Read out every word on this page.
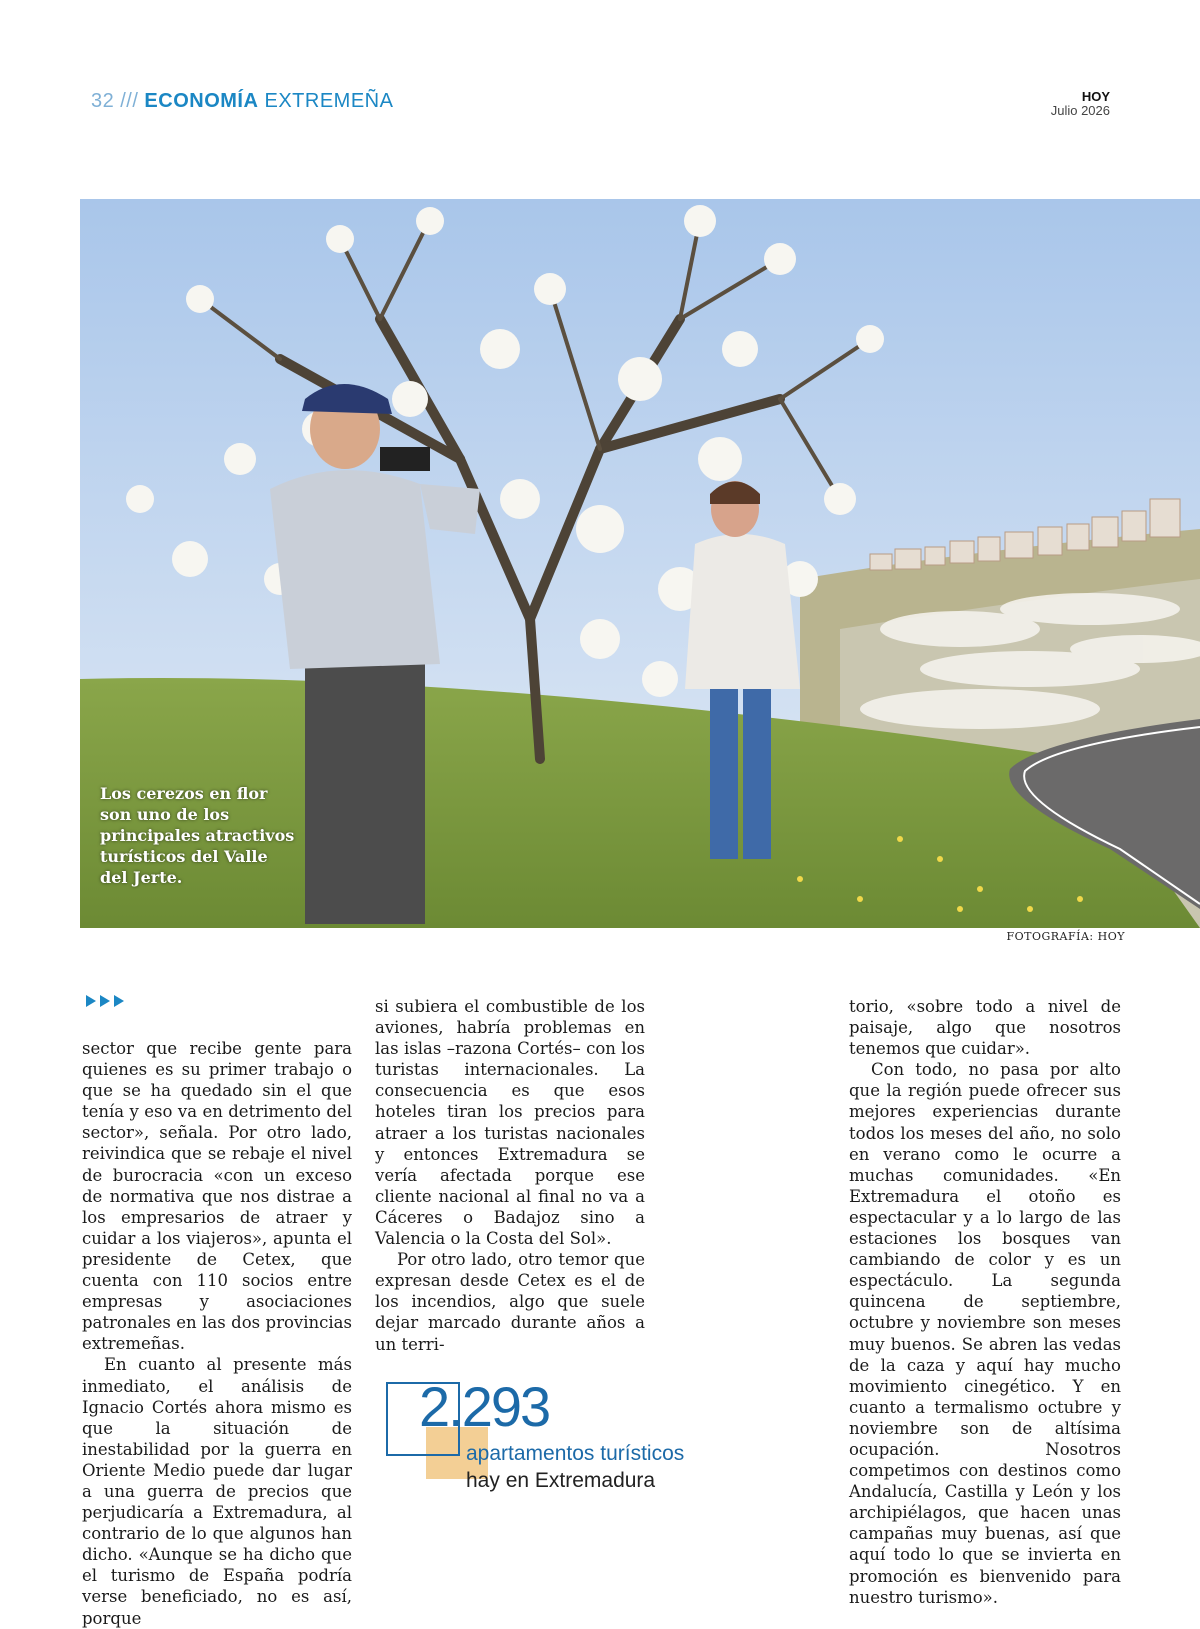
32 /// ECONOMÍA EXTREMEÑA	HOY
Julio 2026
Los cerezos en flor son uno de los principales atractivos turísticos del Valle del Jerte.
FOTOGRAFÍA: HOY

sector que recibe gente para quienes es su primer trabajo o que se ha quedado sin el que tenía y eso va en detrimento del sector», señala. Por otro lado, reivindica que se rebaje el nivel de burocracia «con un exceso de normativa que nos distrae a los empresarios de atraer y cuidar a los viajeros», apunta el presidente de Cetex, que cuenta con 110 socios entre empresas y asociaciones patronales en las dos provincias extremeñas.

En cuanto al presente más inmediato, el análisis de Ignacio Cortés ahora mismo es que la situación de inestabilidad por la guerra en Oriente Medio puede dar lugar a una guerra de precios que perjudicaría a Extremadura, al contrario de lo que algunos han dicho. «Aunque se ha dicho que el turismo de España podría verse beneficiado, no es así, porque

si subiera el combustible de los aviones, habría problemas en las islas –razona Cortés– con los turistas internacionales. La consecuencia es que esos hoteles tiran los precios para atraer a los turistas nacionales y entonces Extremadura se vería afectada porque ese cliente nacional al final no va a Cáceres o Badajoz sino a Valencia o la Costa del Sol».

Por otro lado, otro temor que expresan desde Cetex es el de los incendios, algo que suele dejar marcado durante años a un terri-

torio, «sobre todo a nivel de paisaje, algo que nosotros tenemos que cuidar».

Con todo, no pasa por alto que la región puede ofrecer sus mejores experiencias durante todos los meses del año, no solo en verano como le ocurre a muchas comunidades. «En Extremadura el otoño es espectacular y a lo largo de las estaciones los bosques van cambiando de color y es un espectáculo. La segunda quincena de septiembre, octubre y noviembre son meses muy buenos. Se abren las vedas de la caza y aquí hay mucho movimiento cinegético. Y en cuanto a termalismo octubre y noviembre son de altísima ocupación. Nosotros competimos con destinos como Andalucía, Castilla y León y los archipiélagos, que hacen unas campañas muy buenas, así que aquí todo lo que se invierta en promoción es bienvenido para nuestro turismo».

2.293
apartamentos turísticos
hay en Extremadura
